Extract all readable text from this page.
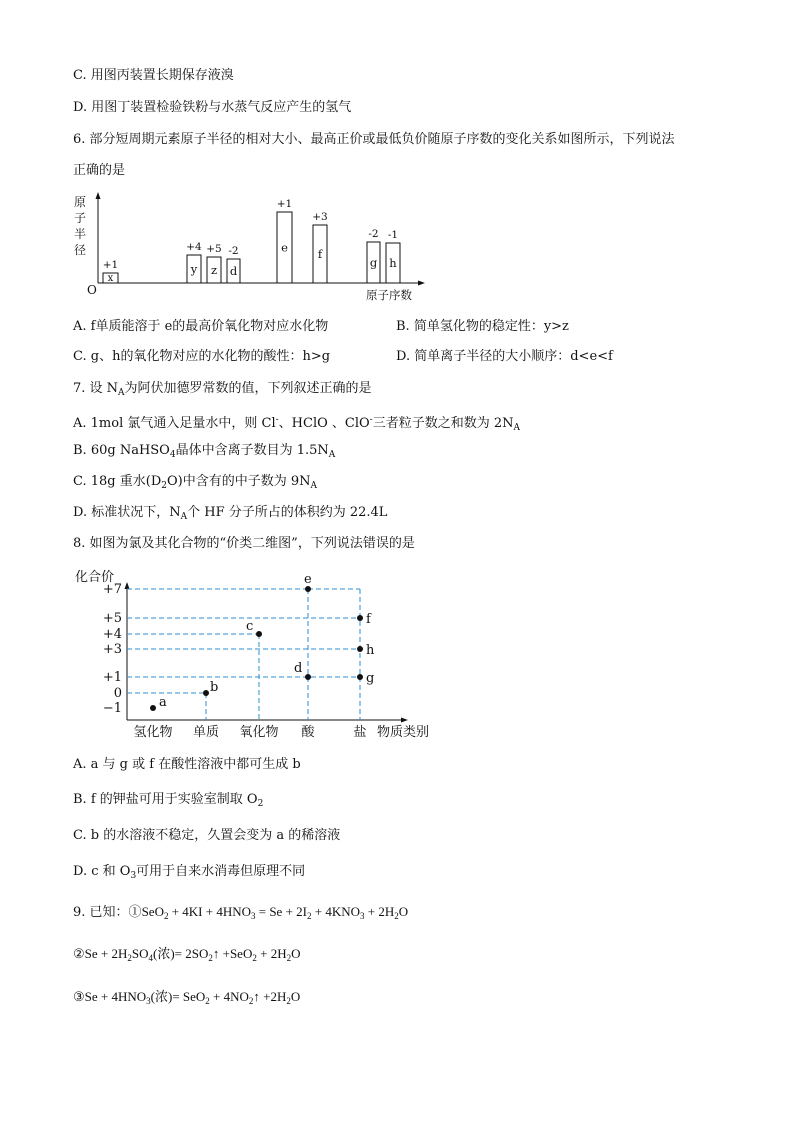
C. 用图丙装置长期保存液溴
D. 用图丁装置检验铁粉与水蒸气反应产生的氢气
6. 部分短周期元素原子半径的相对大小、最高正价或最低负价随原子序数的变化关系如图所示，下列说法
正确的是
原
子
半
径
O	原子序数
x
+1	y
+4
z
+5
d
-2	e
+1
f
+3
g
-2
h
-1
A. f单质能溶于 e的最高价氧化物对应水化物	B. 简单氢化物的稳定性：y>z
C. g、h的氧化物对应的水化物的酸性：h>g	D. 简单离子半径的大小顺序：d<e<f
7. 设 $N_A$为阿伏加德罗常数的值，下列叙述正确的是
A. 1mol 氯气通入足量水中，则 Cl-、HClO 、ClO-三者粒子数之和数为 $2N_A$
B. 60g NaHSO$_4$晶体中含离子数目为 $1.5N_A$
C. 18g 重水$(D_2O)$中含有的中子数为 $9N_A$
D. 标准状况下，$N_A$个 HF 分子所占的体积约为 22.4L
8. 如图为氯及其化合物的“价类二维图”，下列说法错误的是
化合价
+7
+5
+4
+3
+1
0
−1
氢化物 单质 氧化物 酸	盐
a
b
c
d
e
f
h
g
物质类别
A. a 与 g 或 f 在酸性溶液中都可生成 b
B. f 的钾盐可用于实验室制取 $O_2$
C. b 的水溶液不稳定，久置会变为 a 的稀溶液
D. c 和 $O_3$可用于自来水消毒但原理不同
9. 已知：①SeO$_2$ + $4KI + 4HNO_3 = Se + 2I_2 + 4KNO_3 + 2H_2O$
②Se + $2H_2SO_4$(浓)= $2SO_2↑ +SeO_2 + 2H_2O$
③Se + $4HNO_3$(浓)= $SeO_2 + 4NO_2↑ +2H_2O$
